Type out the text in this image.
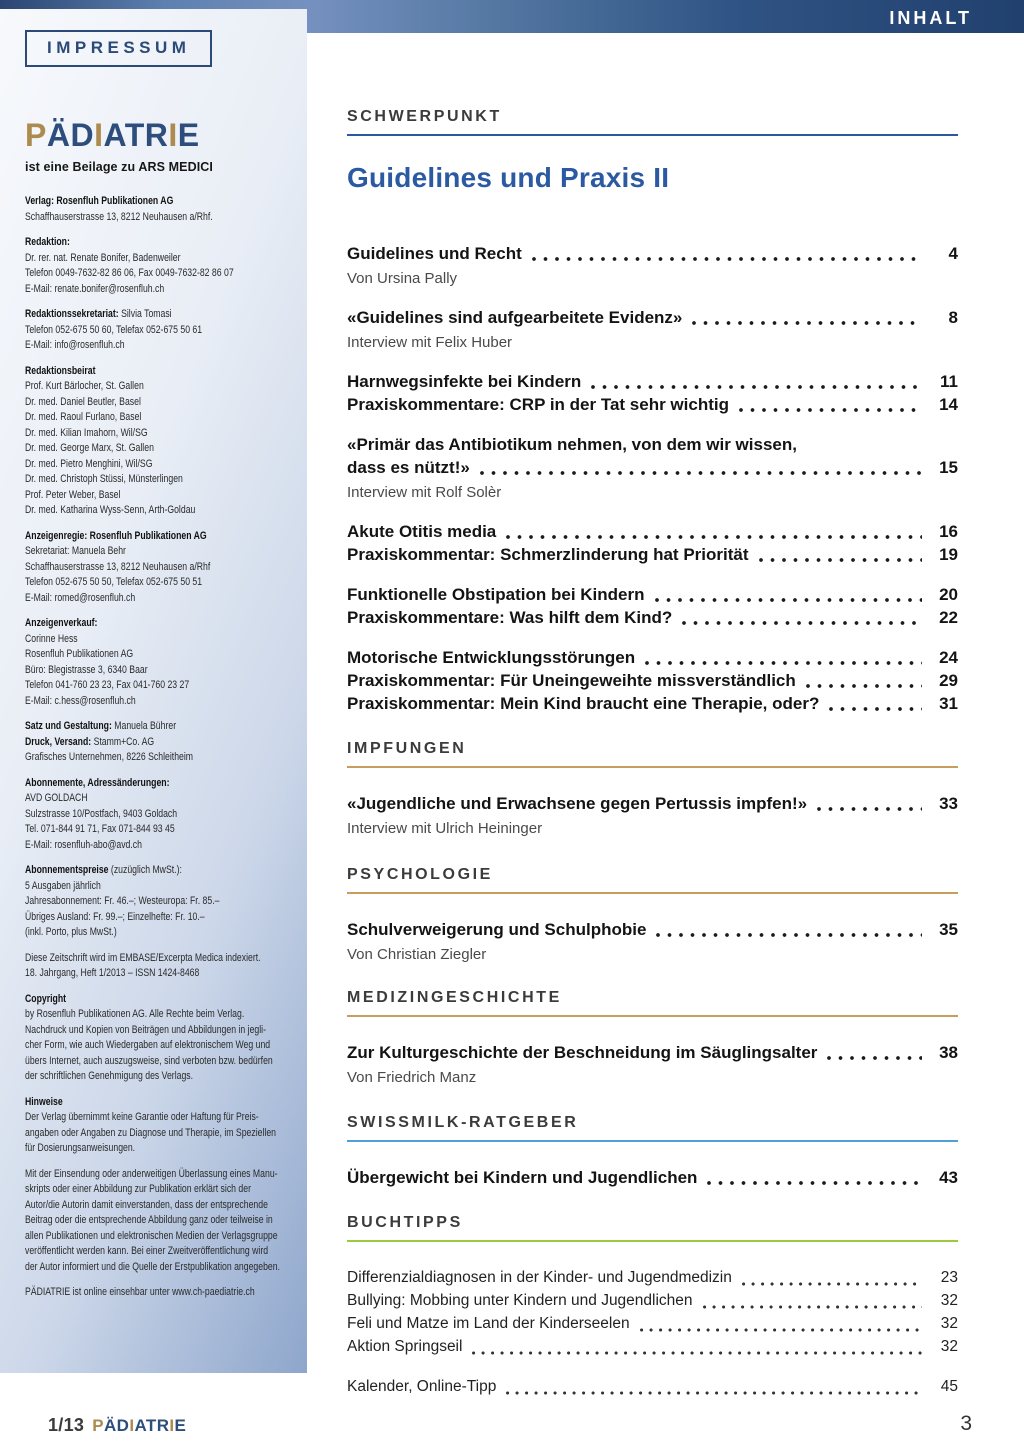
INHALT
IMPRESSUM
PÄDIATRIE
ist eine Beilage zu ARS MEDICI
Verlag: Rosenfluh Publikationen AG
Schaffhauserstrasse 13, 8212 Neuhausen a/Rhf.
Redaktion:
Dr. rer. nat. Renate Bonifer, Badenweiler
Telefon 0049-7632-82 86 06, Fax 0049-7632-82 86 07
E-Mail: renate.bonifer@rosenfluh.ch
Redaktionssekretariat: Silvia Tomasi
Telefon 052-675 50 60, Telefax 052-675 50 61
E-Mail: info@rosenfluh.ch
Redaktionsbeirat
Prof. Kurt Bärlocher, St. Gallen
Dr. med. Daniel Beutler, Basel
Dr. med. Raoul Furlano, Basel
Dr. med. Kilian Imahorn, Wil/SG
Dr. med. George Marx, St. Gallen
Dr. med. Pietro Menghini, Wil/SG
Dr. med. Christoph Stüssi, Münsterlingen
Prof. Peter Weber, Basel
Dr. med. Katharina Wyss-Senn, Arth-Goldau
Anzeigenregie: Rosenfluh Publikationen AG
Sekretariat: Manuela Behr
Schaffhauserstrasse 13, 8212 Neuhausen a/Rhf
Telefon 052-675 50 50, Telefax 052-675 50 51
E-Mail: romed@rosenfluh.ch
Anzeigenverkauf:
Corinne Hess
Rosenfluh Publikationen AG
Büro: Blegistrasse 3, 6340 Baar
Telefon 041-760 23 23, Fax 041-760 23 27
E-Mail: c.hess@rosenfluh.ch
Satz und Gestaltung: Manuela Bührer
Druck, Versand: Stamm+Co. AG
Grafisches Unternehmen, 8226 Schleitheim
Abonnemente, Adressänderungen:
AVD GOLDACH
Sulzstrasse 10/Postfach, 9403 Goldach
Tel. 071-844 91 71, Fax 071-844 93 45
E-Mail: rosenfluh-abo@avd.ch
Abonnementspreise (zuzüglich MwSt.):
5 Ausgaben jährlich
Jahresabonnement: Fr. 46.–; Westeuropa: Fr. 85.–
Übriges Ausland: Fr. 99.–; Einzelhefte: Fr. 10.–
(inkl. Porto, plus MwSt.)
Diese Zeitschrift wird im EMBASE/Excerpta Medica indexiert.
18. Jahrgang, Heft 1/2013 – ISSN 1424-8468
Copyright
by Rosenfluh Publikationen AG. Alle Rechte beim Verlag.
Nachdruck und Kopien von Beiträgen und Abbildungen in jegli-
cher Form, wie auch Wiedergaben auf elektronischem Weg und
übers Internet, auch auszugsweise, sind verboten bzw. bedürfen
der schriftlichen Genehmigung des Verlags.
Hinweise
Der Verlag übernimmt keine Garantie oder Haftung für Preis-
angaben oder Angaben zu Diagnose und Therapie, im Speziellen
für Dosierungsanweisungen.
Mit der Einsendung oder anderweitigen Überlassung eines Manu-
skripts oder einer Abbildung zur Publikation erklärt sich der
Autor/die Autorin damit einverstanden, dass der entsprechende
Beitrag oder die entsprechende Abbildung ganz oder teilweise in
allen Publikationen und elektronischen Medien der Verlagsgruppe
veröffentlicht werden kann. Bei einer Zweitveröffentlichung wird
der Autor informiert und die Quelle der Erstpublikation angegeben.
PÄDIATRIE ist online einsehbar unter www.ch-paediatrie.ch
SCHWERPUNKT
Guidelines und Praxis II
Guidelines und Recht	4
Von Ursina Pally
«Guidelines sind aufgearbeitete Evidenz»	8
Interview mit Felix Huber
Harnwegsinfekte bei Kindern	11
Praxiskommentare: CRP in der Tat sehr wichtig	14
«Primär das Antibiotikum nehmen, von dem wir wissen,
dass es nützt!»	15
Interview mit Rolf Solèr
Akute Otitis media	16
Praxiskommentar: Schmerzlinderung hat Priorität	19
Funktionelle Obstipation bei Kindern	20
Praxiskommentare: Was hilft dem Kind?	22
Motorische Entwicklungsstörungen	24
Praxiskommentar: Für Uneingeweihte missverständlich	29
Praxiskommentar: Mein Kind braucht eine Therapie, oder?	31
IMPFUNGEN
«Jugendliche und Erwachsene gegen Pertussis impfen!»	33
Interview mit Ulrich Heininger
PSYCHOLOGIE
Schulverweigerung und Schulphobie	35
Von Christian Ziegler
MEDIZINGESCHICHTE
Zur Kulturgeschichte der Beschneidung im Säuglingsalter	38
Von Friedrich Manz
SWISSMILK-RATGEBER
Übergewicht bei Kindern und Jugendlichen	43
BUCHTIPPS
Differenzialdiagnosen in der Kinder- und Jugendmedizin	23
Bullying: Mobbing unter Kindern und Jugendlichen	32
Feli und Matze im Land der Kinderseelen	32
Aktion Springseil	32
Kalender, Online-Tipp	45
1/13 PÄDIATRIE	3
